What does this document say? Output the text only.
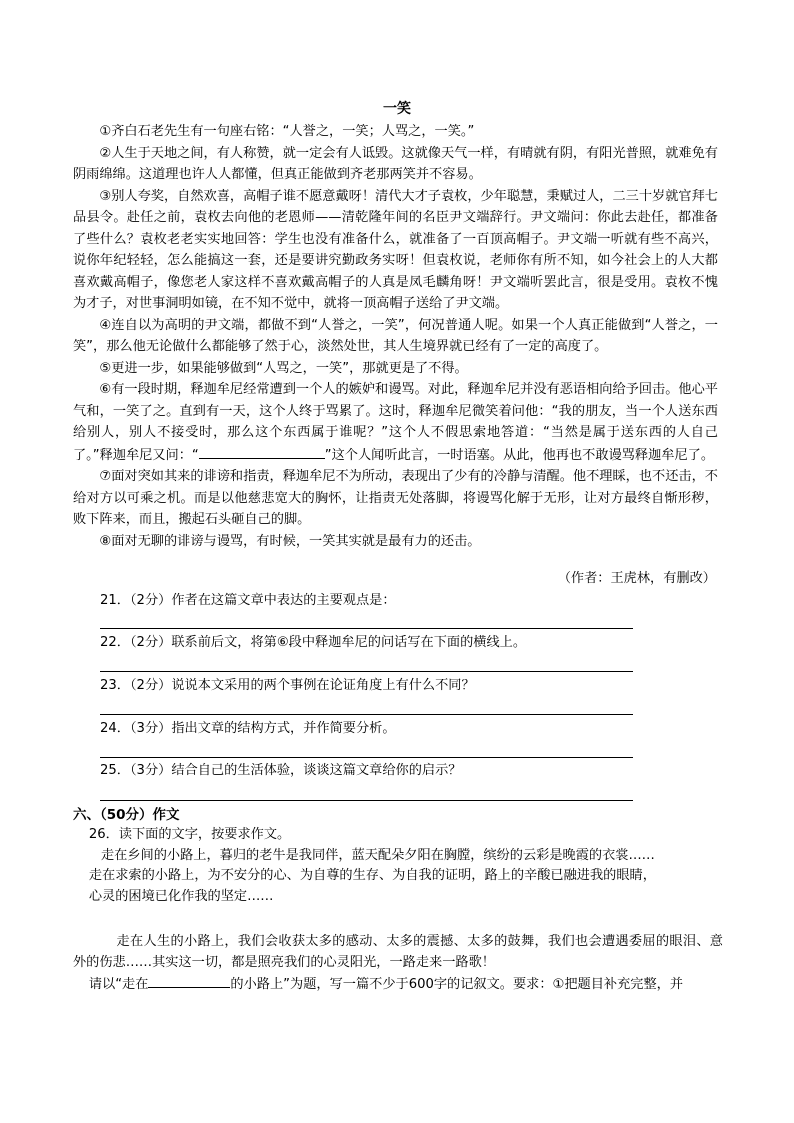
一笑

①齐白石老先生有一句座右铭：“人誉之，一笑；人骂之，一笑。”

②人生于天地之间，有人称赞，就一定会有人诋毁。这就像天气一样，有晴就有阴，有阳光普照，就难免有阴雨绵绵。这道理也许人人都懂，但真正能做到齐老那两笑并不容易。

③别人夸奖，自然欢喜，高帽子谁不愿意戴呀！清代大才子袁枚，少年聪慧，秉赋过人，二三十岁就官拜七品县令。赴任之前，袁枚去向他的老恩师——清乾隆年间的名臣尹文端辞行。尹文端问：你此去赴任，都准备了些什么？袁枚老老实实地回答：学生也没有准备什么，就准备了一百顶高帽子。尹文端一听就有些不高兴，说你年纪轻轻，怎么能搞这一套，还是要讲究勤政务实呀！但袁枚说，老师你有所不知，如今社会上的人大都喜欢戴高帽子，像您老人家这样不喜欢戴高帽子的人真是凤毛麟角呀！尹文端听罢此言，很是受用。袁枚不愧为才子，对世事洞明如镜，在不知不觉中，就将一顶高帽子送给了尹文端。

④连自以为高明的尹文端，都做不到“人誉之，一笑”，何况普通人呢。如果一个人真正能做到“人誉之，一笑”，那么他无论做什么都能够了然于心，淡然处世，其人生境界就已经有了一定的高度了。

⑤更进一步，如果能够做到“人骂之，一笑”，那就更是了不得。

⑥有一段时期，释迦牟尼经常遭到一个人的嫉妒和谩骂。对此，释迦牟尼并没有恶语相向给予回击。他心平气和，一笑了之。直到有一天，这个人终于骂累了。这时，释迦牟尼微笑着问他：“我的朋友，当一个人送东西给别人，别人不接受时，那么这个东西属于谁呢？”这个人不假思索地答道：“当然是属于送东西的人自己了。”释迦牟尼又问：“	”这个人闻听此言，一时语塞。从此，他再也不敢谩骂释迦牟尼了。

⑦面对突如其来的诽谤和指责，释迦牟尼不为所动，表现出了少有的冷静与清醒。他不理睬，也不还击，不给对方以可乘之机。而是以他慈悲宽大的胸怀，让指责无处落脚，将谩骂化解于无形，让对方最终自惭形秽，败下阵来，而且，搬起石头砸自己的脚。

⑧面对无聊的诽谤与谩骂，有时候，一笑其实就是最有力的还击。

（作者：王虎林，有删改）
21．（2分）作者在这篇文章中表达的主要观点是：
22．（2分）联系前后文，将第⑥段中释迦牟尼的问话写在下面的横线上。
23．（2分）说说本文采用的两个事例在论证角度上有什么不同？
24．（3分）指出文章的结构方式，并作简要分析。
25．（3分）结合自己的生活体验，谈谈这篇文章给你的启示？
六、（50分）作文

26．读下面的文字，按要求作文。

走在乡间的小路上，暮归的老牛是我同伴，蓝天配朵夕阳在胸膛，缤纷的云彩是晚霞的衣裳……

走在求索的小路上，为不安分的心、为自尊的生存、为自我的证明，路上的辛酸已融进我的眼睛，

心灵的困境已化作我的坚定……

走在人生的小路上，我们会收获太多的感动、太多的震撼、太多的鼓舞，我们也会遭遇委屈的眼泪、意外的伤悲……其实这一切，都是照亮我们的心灵阳光，一路走来一路歌！

请以“走在	的小路上”为题，写一篇不少于600字的记叙文。要求：①把题目补充完整，并
